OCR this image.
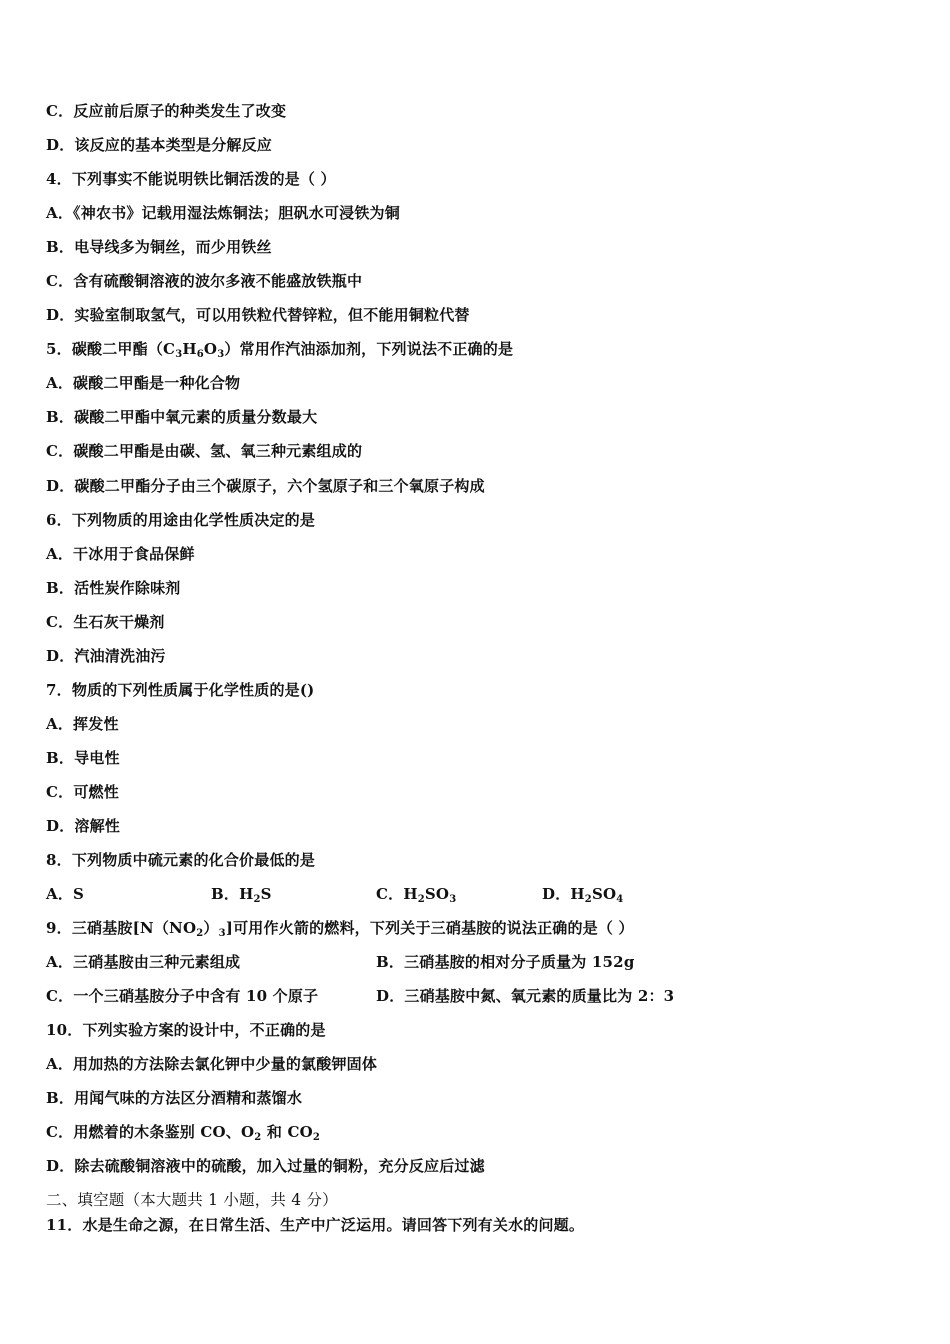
C．反应前后原子的种类发生了改变
D．该反应的基本类型是分解反应
4．下列事实不能说明铁比铜活泼的是（ ）
A．《神农书》记载用湿法炼铜法；胆矾水可浸铁为铜
B．电导线多为铜丝，而少用铁丝
C．含有硫酸铜溶液的波尔多液不能盛放铁瓶中
D．实验室制取氢气，可以用铁粒代替锌粒，但不能用铜粒代替
5．碳酸二甲酯$(C_3H_6O_3)$常用作汽油添加剂，下列说法不正确的是
A．碳酸二甲酯是一种化合物
B．碳酸二甲酯中氧元素的质量分数最大
C．碳酸二甲酯是由碳、氢、氧三种元素组成的
D．碳酸二甲酯分子由三个碳原子，六个氢原子和三个氧原子构成
6．下列物质的用途由化学性质决定的是
A．干冰用于食品保鲜
B．活性炭作除味剂
C．生石灰干燥剂
D．汽油清洗油污
7．物质的下列性质属于化学性质的是()
A．挥发性
B．导电性
C．可燃性
D．溶解性
8．下列物质中硫元素的化合价最低的是
A．S	B．$H_2S$	C．$H_2SO_3$	D．$H_2SO_4$
9．三硝基胺$[N(NO_2)_3]$可用作火箭的燃料，下列关于三硝基胺的说法正确的是（ ）
A．三硝基胺由三种元素组成	B．三硝基胺的相对分子质量为 152g
C．一个三硝基胺分子中含有 10 个原子	D．三硝基胺中氮、氧元素的质量比为 2：3
10．下列实验方案的设计中，不正确的是
A．用加热的方法除去氯化钾中少量的氯酸钾固体
B．用闻气味的方法区分酒精和蒸馏水
C．用燃着的木条鉴别 CO、$O_2$ 和 $CO_2$
D．除去硫酸铜溶液中的硫酸，加入过量的铜粉，充分反应后过滤
二、填空题（本大题共 1 小题，共 4 分）
11．水是生命之源，在日常生活、生产中广泛运用。请回答下列有关水的问题。
